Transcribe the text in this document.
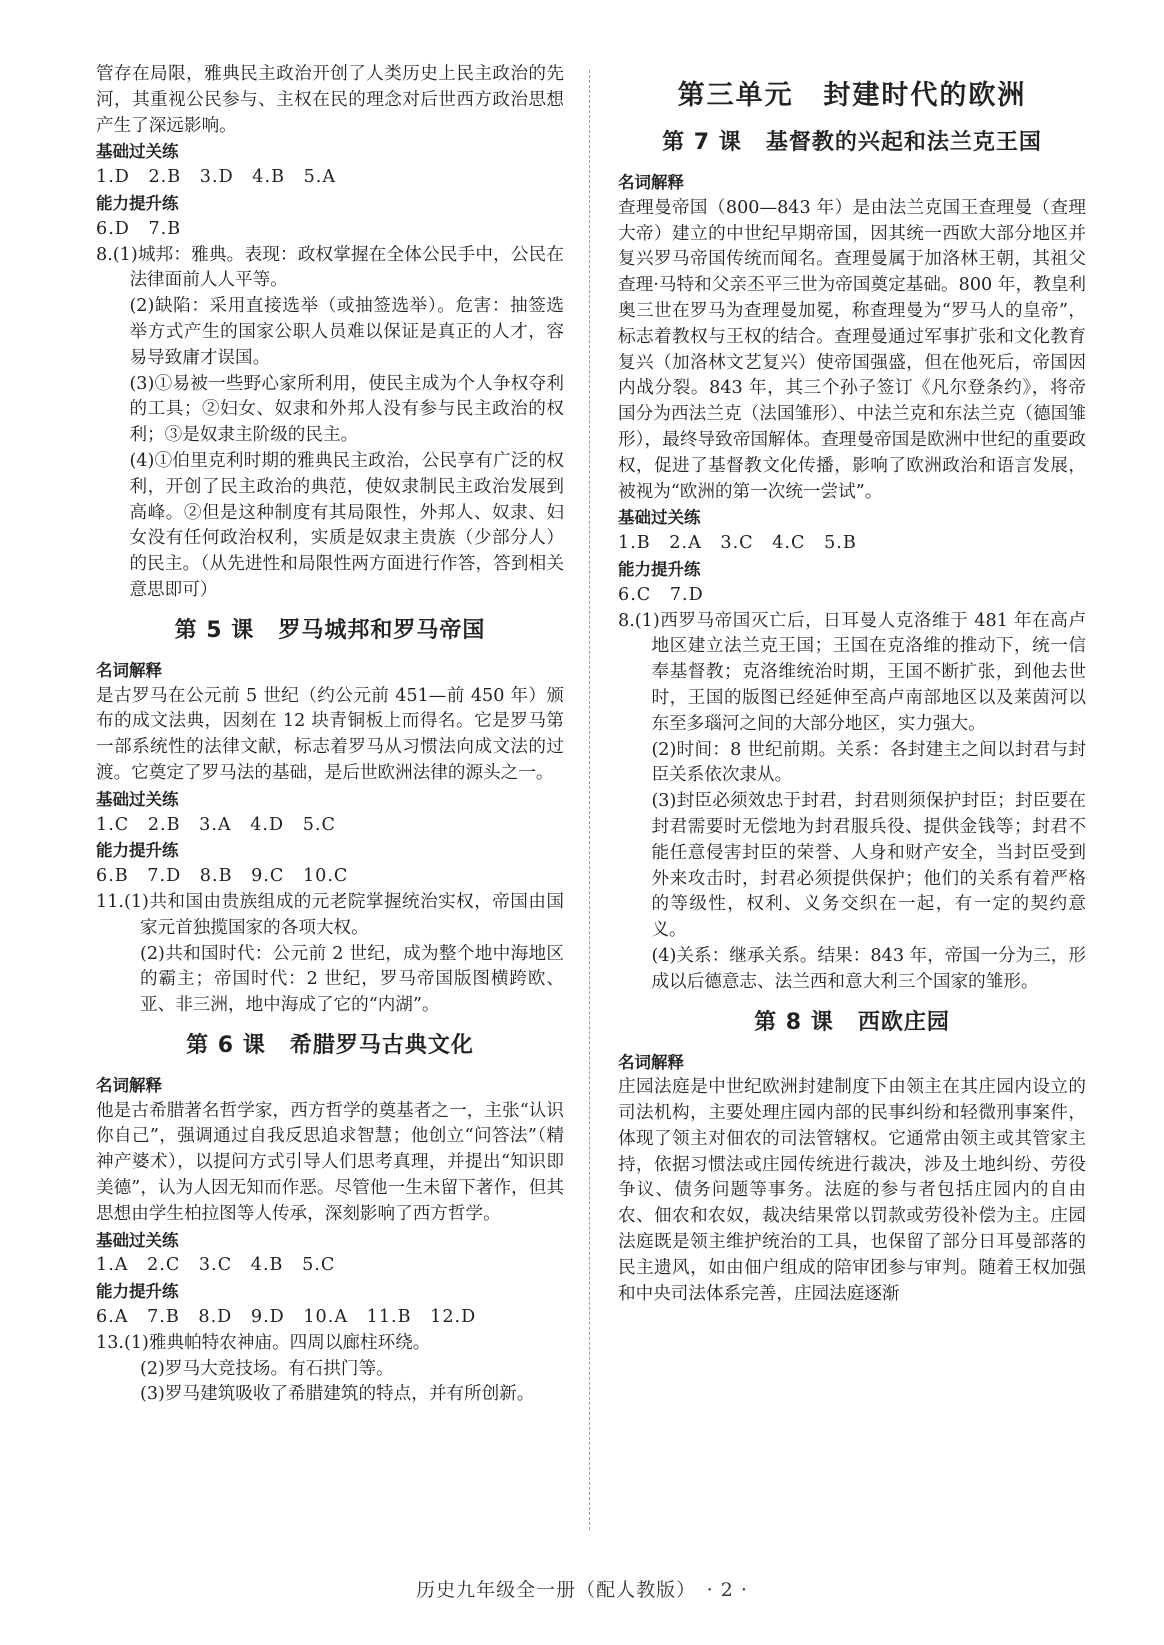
管存在局限，雅典民主政治开创了人类历史上民主政治的先河，其重视公民参与、主权在民的理念对后世西方政治思想产生了深远影响。

基础过关练

1.D　2.B　3.D　4.B　5.A

能力提升练

6.D　7.B

8.(1)城邦：雅典。表现：政权掌握在全体公民手中，公民在法律面前人人平等。

(2)缺陷：采用直接选举（或抽签选举）。危害：抽签选举方式产生的国家公职人员难以保证是真正的人才，容易导致庸才误国。

(3)①易被一些野心家所利用，使民主成为个人争权夺利的工具；②妇女、奴隶和外邦人没有参与民主政治的权利；③是奴隶主阶级的民主。

(4)①伯里克利时期的雅典民主政治，公民享有广泛的权利，开创了民主政治的典范，使奴隶制民主政治发展到高峰。②但是这种制度有其局限性，外邦人、奴隶、妇女没有任何政治权利，实质是奴隶主贵族（少部分人）的民主。（从先进性和局限性两方面进行作答，答到相关意思即可）

第 5 课 罗马城邦和罗马帝国

名词解释

是古罗马在公元前 5 世纪（约公元前 451—前 450 年）颁布的成文法典，因刻在 12 块青铜板上而得名。它是罗马第一部系统性的法律文献，标志着罗马从习惯法向成文法的过渡。它奠定了罗马法的基础，是后世欧洲法律的源头之一。

基础过关练

1.C　2.B　3.A　4.D　5.C

能力提升练

6.B　7.D　8.B　9.C　10.C

11.(1)共和国由贵族组成的元老院掌握统治实权，帝国由国家元首独揽国家的各项大权。

(2)共和国时代：公元前 2 世纪，成为整个地中海地区的霸主；帝国时代：2 世纪，罗马帝国版图横跨欧、亚、非三洲，地中海成了它的“内湖”。

第 6 课 希腊罗马古典文化

名词解释

他是古希腊著名哲学家，西方哲学的奠基者之一，主张“认识你自己”，强调通过自我反思追求智慧；他创立“问答法”（精神产婆术），以提问方式引导人们思考真理，并提出“知识即美德”，认为人因无知而作恶。尽管他一生未留下著作，但其思想由学生柏拉图等人传承，深刻影响了西方哲学。

基础过关练

1.A　2.C　3.C　4.B　5.C

能力提升练

6.A　7.B　8.D　9.D　10.A　11.B　12.D

13.(1)雅典帕特农神庙。四周以廊柱环绕。

(2)罗马大竞技场。有石拱门等。

(3)罗马建筑吸收了希腊建筑的特点，并有所创新。

第三单元 封建时代的欧洲
第 7 课 基督教的兴起和法兰克王国

名词解释

查理曼帝国（800—843 年）是由法兰克国王查理曼（查理大帝）建立的中世纪早期帝国，因其统一西欧大部分地区并复兴罗马帝国传统而闻名。查理曼属于加洛林王朝，其祖父查理·马特和父亲丕平三世为帝国奠定基础。800 年，教皇利奥三世在罗马为查理曼加冕，称查理曼为“罗马人的皇帝”，标志着教权与王权的结合。查理曼通过军事扩张和文化教育复兴（加洛林文艺复兴）使帝国强盛，但在他死后，帝国因内战分裂。843 年，其三个孙子签订《凡尔登条约》，将帝国分为西法兰克（法国雏形）、中法兰克和东法兰克（德国雏形），最终导致帝国解体。查理曼帝国是欧洲中世纪的重要政权，促进了基督教文化传播，影响了欧洲政治和语言发展，被视为“欧洲的第一次统一尝试”。

基础过关练

1.B　2.A　3.C　4.C　5.B

能力提升练

6.C　7.D

8.(1)西罗马帝国灭亡后，日耳曼人克洛维于 481 年在高卢地区建立法兰克王国；王国在克洛维的推动下，统一信奉基督教；克洛维统治时期，王国不断扩张，到他去世时，王国的版图已经延伸至高卢南部地区以及莱茵河以东至多瑙河之间的大部分地区，实力强大。

(2)时间：8 世纪前期。关系：各封建主之间以封君与封臣关系依次隶从。

(3)封臣必须效忠于封君，封君则须保护封臣；封臣要在封君需要时无偿地为封君服兵役、提供金钱等；封君不能任意侵害封臣的荣誉、人身和财产安全，当封臣受到外来攻击时，封君必须提供保护；他们的关系有着严格的等级性，权利、义务交织在一起，有一定的契约意义。

(4)关系：继承关系。结果：843 年，帝国一分为三，形成以后德意志、法兰西和意大利三个国家的雏形。

第 8 课 西欧庄园

名词解释

庄园法庭是中世纪欧洲封建制度下由领主在其庄园内设立的司法机构，主要处理庄园内部的民事纠纷和轻微刑事案件，体现了领主对佃农的司法管辖权。它通常由领主或其管家主持，依据习惯法或庄园传统进行裁决，涉及土地纠纷、劳役争议、债务问题等事务。法庭的参与者包括庄园内的自由农、佃农和农奴，裁决结果常以罚款或劳役补偿为主。庄园法庭既是领主维护统治的工具，也保留了部分日耳曼部落的民主遗风，如由佃户组成的陪审团参与审判。随着王权加强和中央司法体系完善，庄园法庭逐渐

历史九年级全一册（配人教版）　· 2 ·
